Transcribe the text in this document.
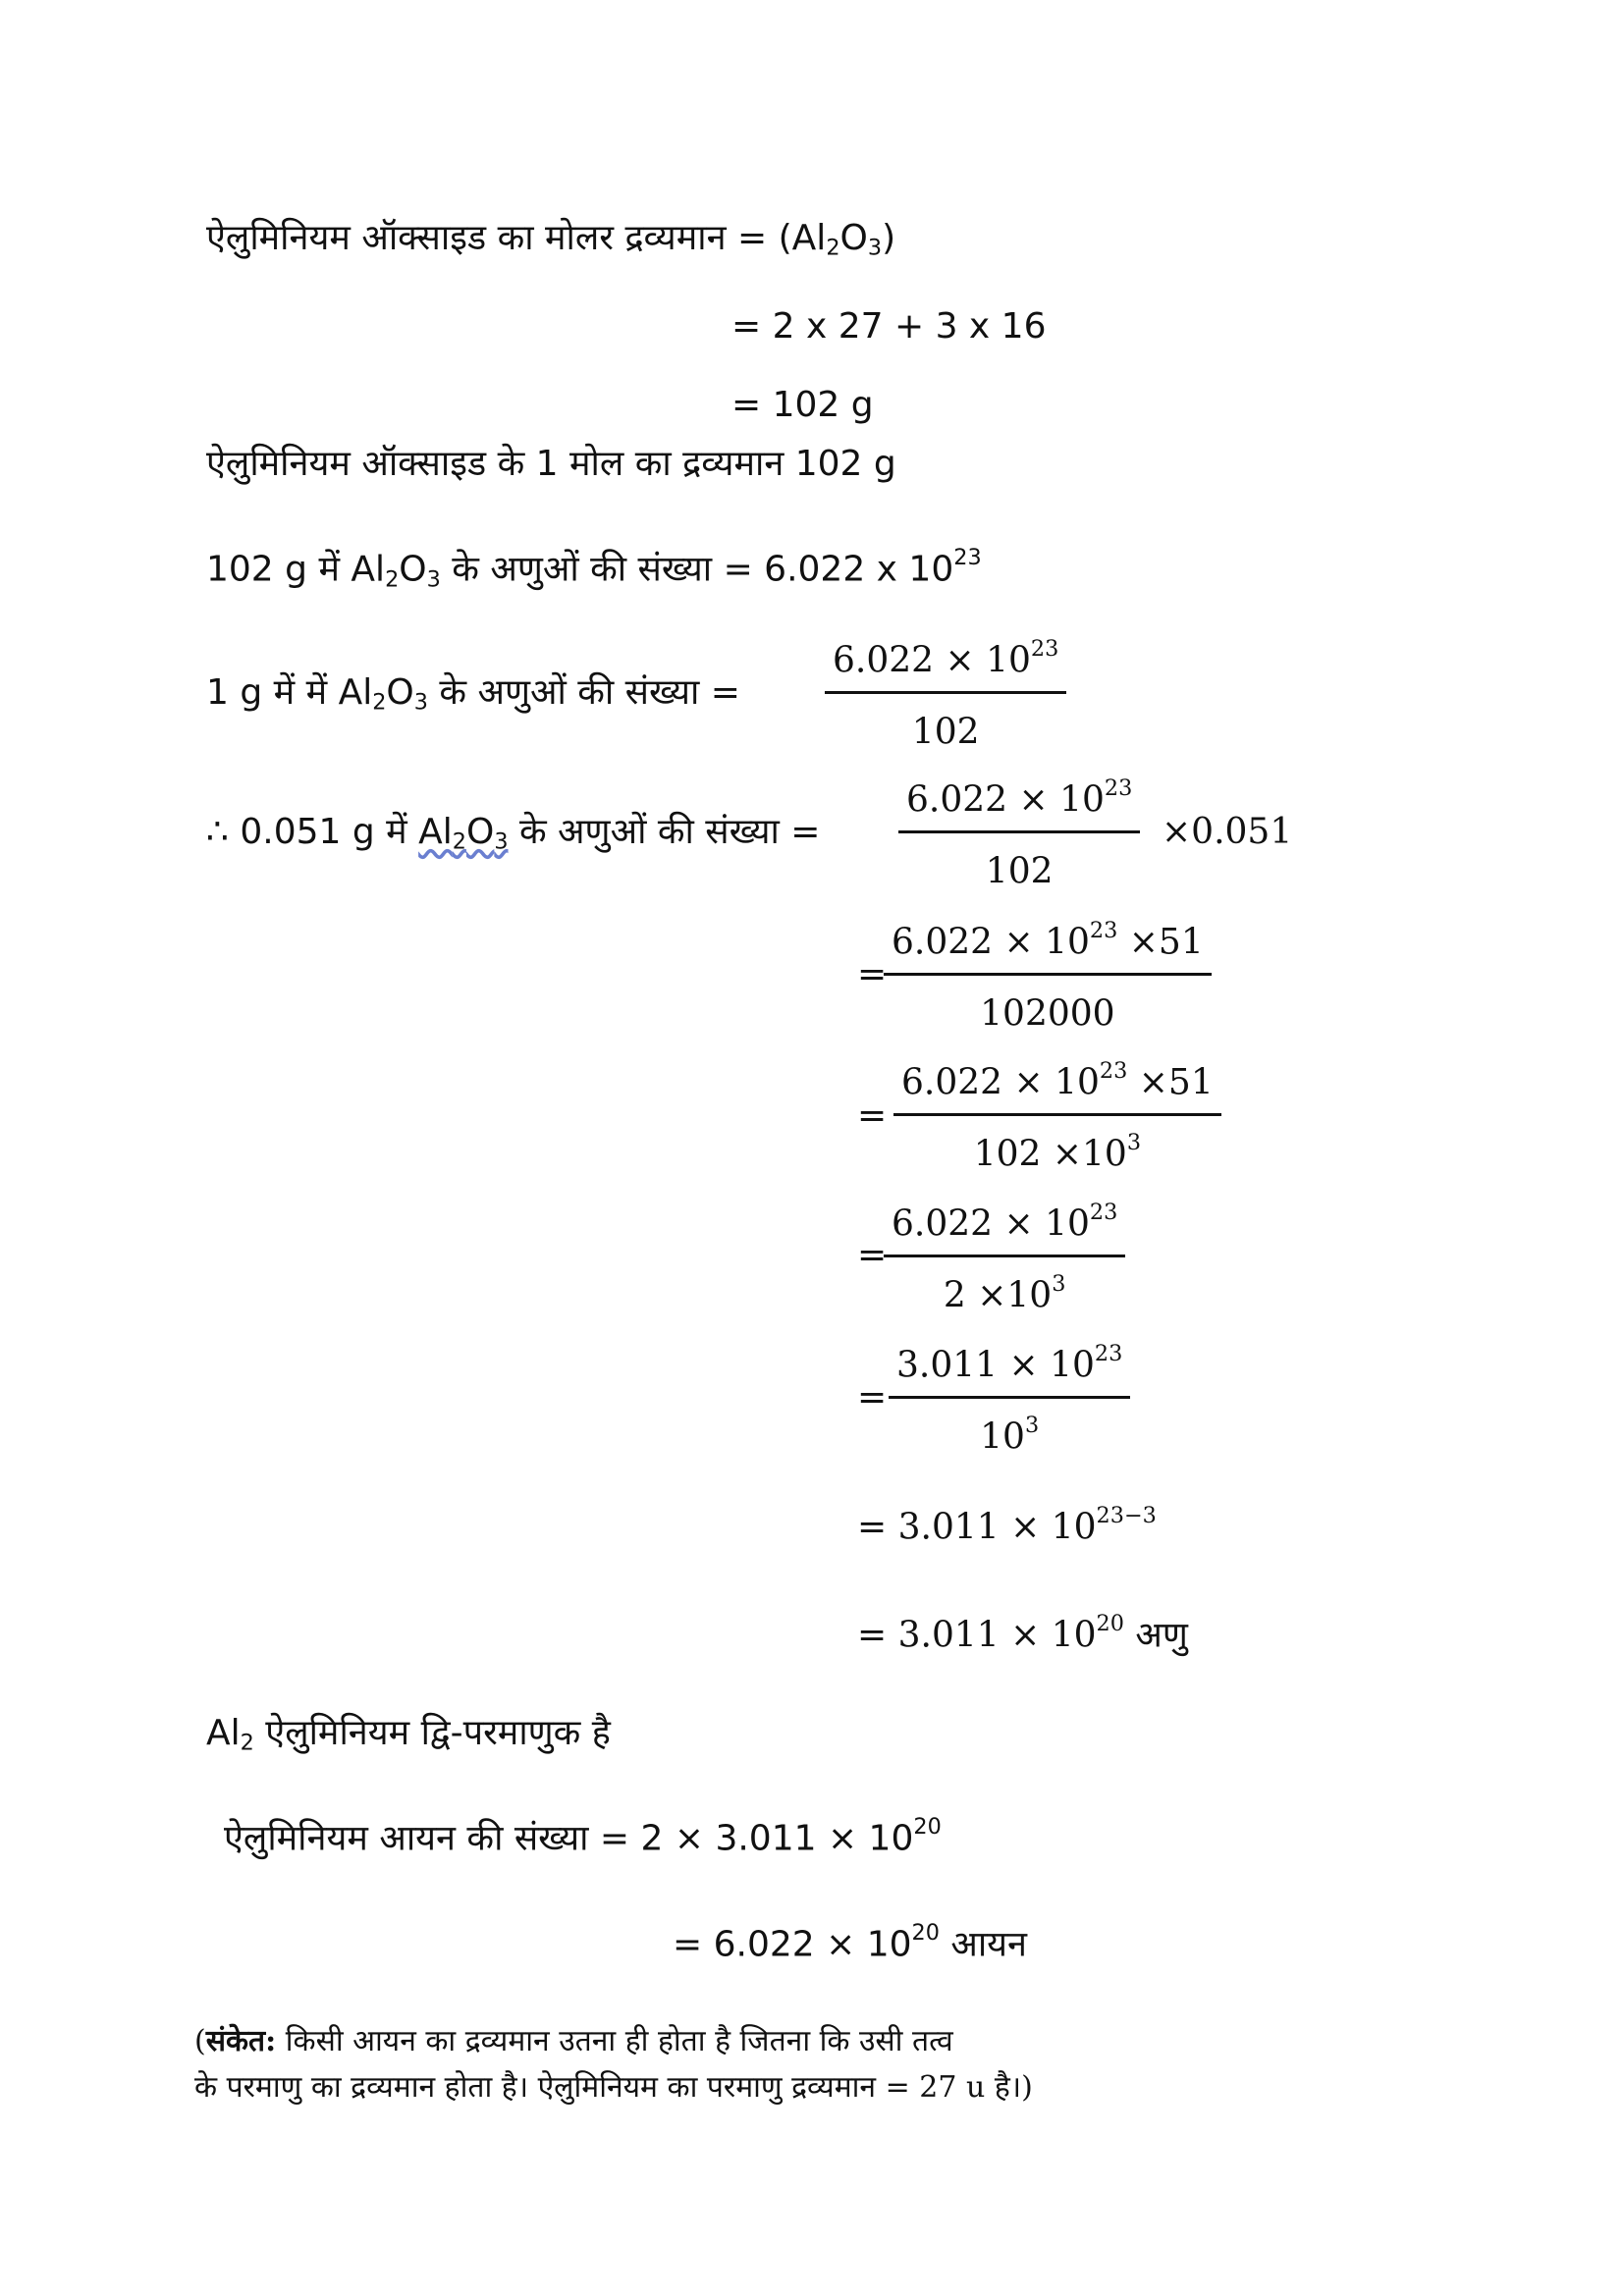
ऐलुमिनियम ऑक्साइड का मोलर द्रव्यमान = $(Al_2O_3)$
= 2 x 27 + 3 x 16
= 102 g
ऐलुमिनियम ऑक्साइड के 1 मोल का द्रव्यमान 102 g
102 g में $Al_2O_3$ के अणुओं की संख्या = 6.022 x $10^{23}$
1 g में में $Al_2O_3$ के अणुओं की संख्या = $\frac{6.022 \times 10^{23}}{102}$
∴ 0.051 g में $Al_2O_3$ के अणुओं की संख्या = $\frac{6.022 \times 10^{23}}{102} \times 0.051$
=
$\frac{6.022 \times 10^{23} \times 51}{102000}$
= $\frac{6.022 \times 10^{23} \times 51}{102 \times 10^3}$
=
$\frac{6.022 \times 10^{23}}{2 \times 10^3}$
= $\frac{3.011 \times 10^{23}}{10^3}$
= $3.011 \times 10^{23-3}$
= $3.011 \times 10^{20}$ अणु
$Al_2$ ऐलुमिनियम द्वि-परमाणुक है
ऐलुमिनियम आयन की संख्या = $2 \times 3.011 \times 10^{20}$
= $6.022 \times 10^{20}$ आयन
(संकेत: किसी आयन का द्रव्यमान उतना ही होता है जितना कि उसी तत्व
के परमाणु का द्रव्यमान होता है। ऐलुमिनियम का परमाणु द्रव्यमान = 27 u है।)
